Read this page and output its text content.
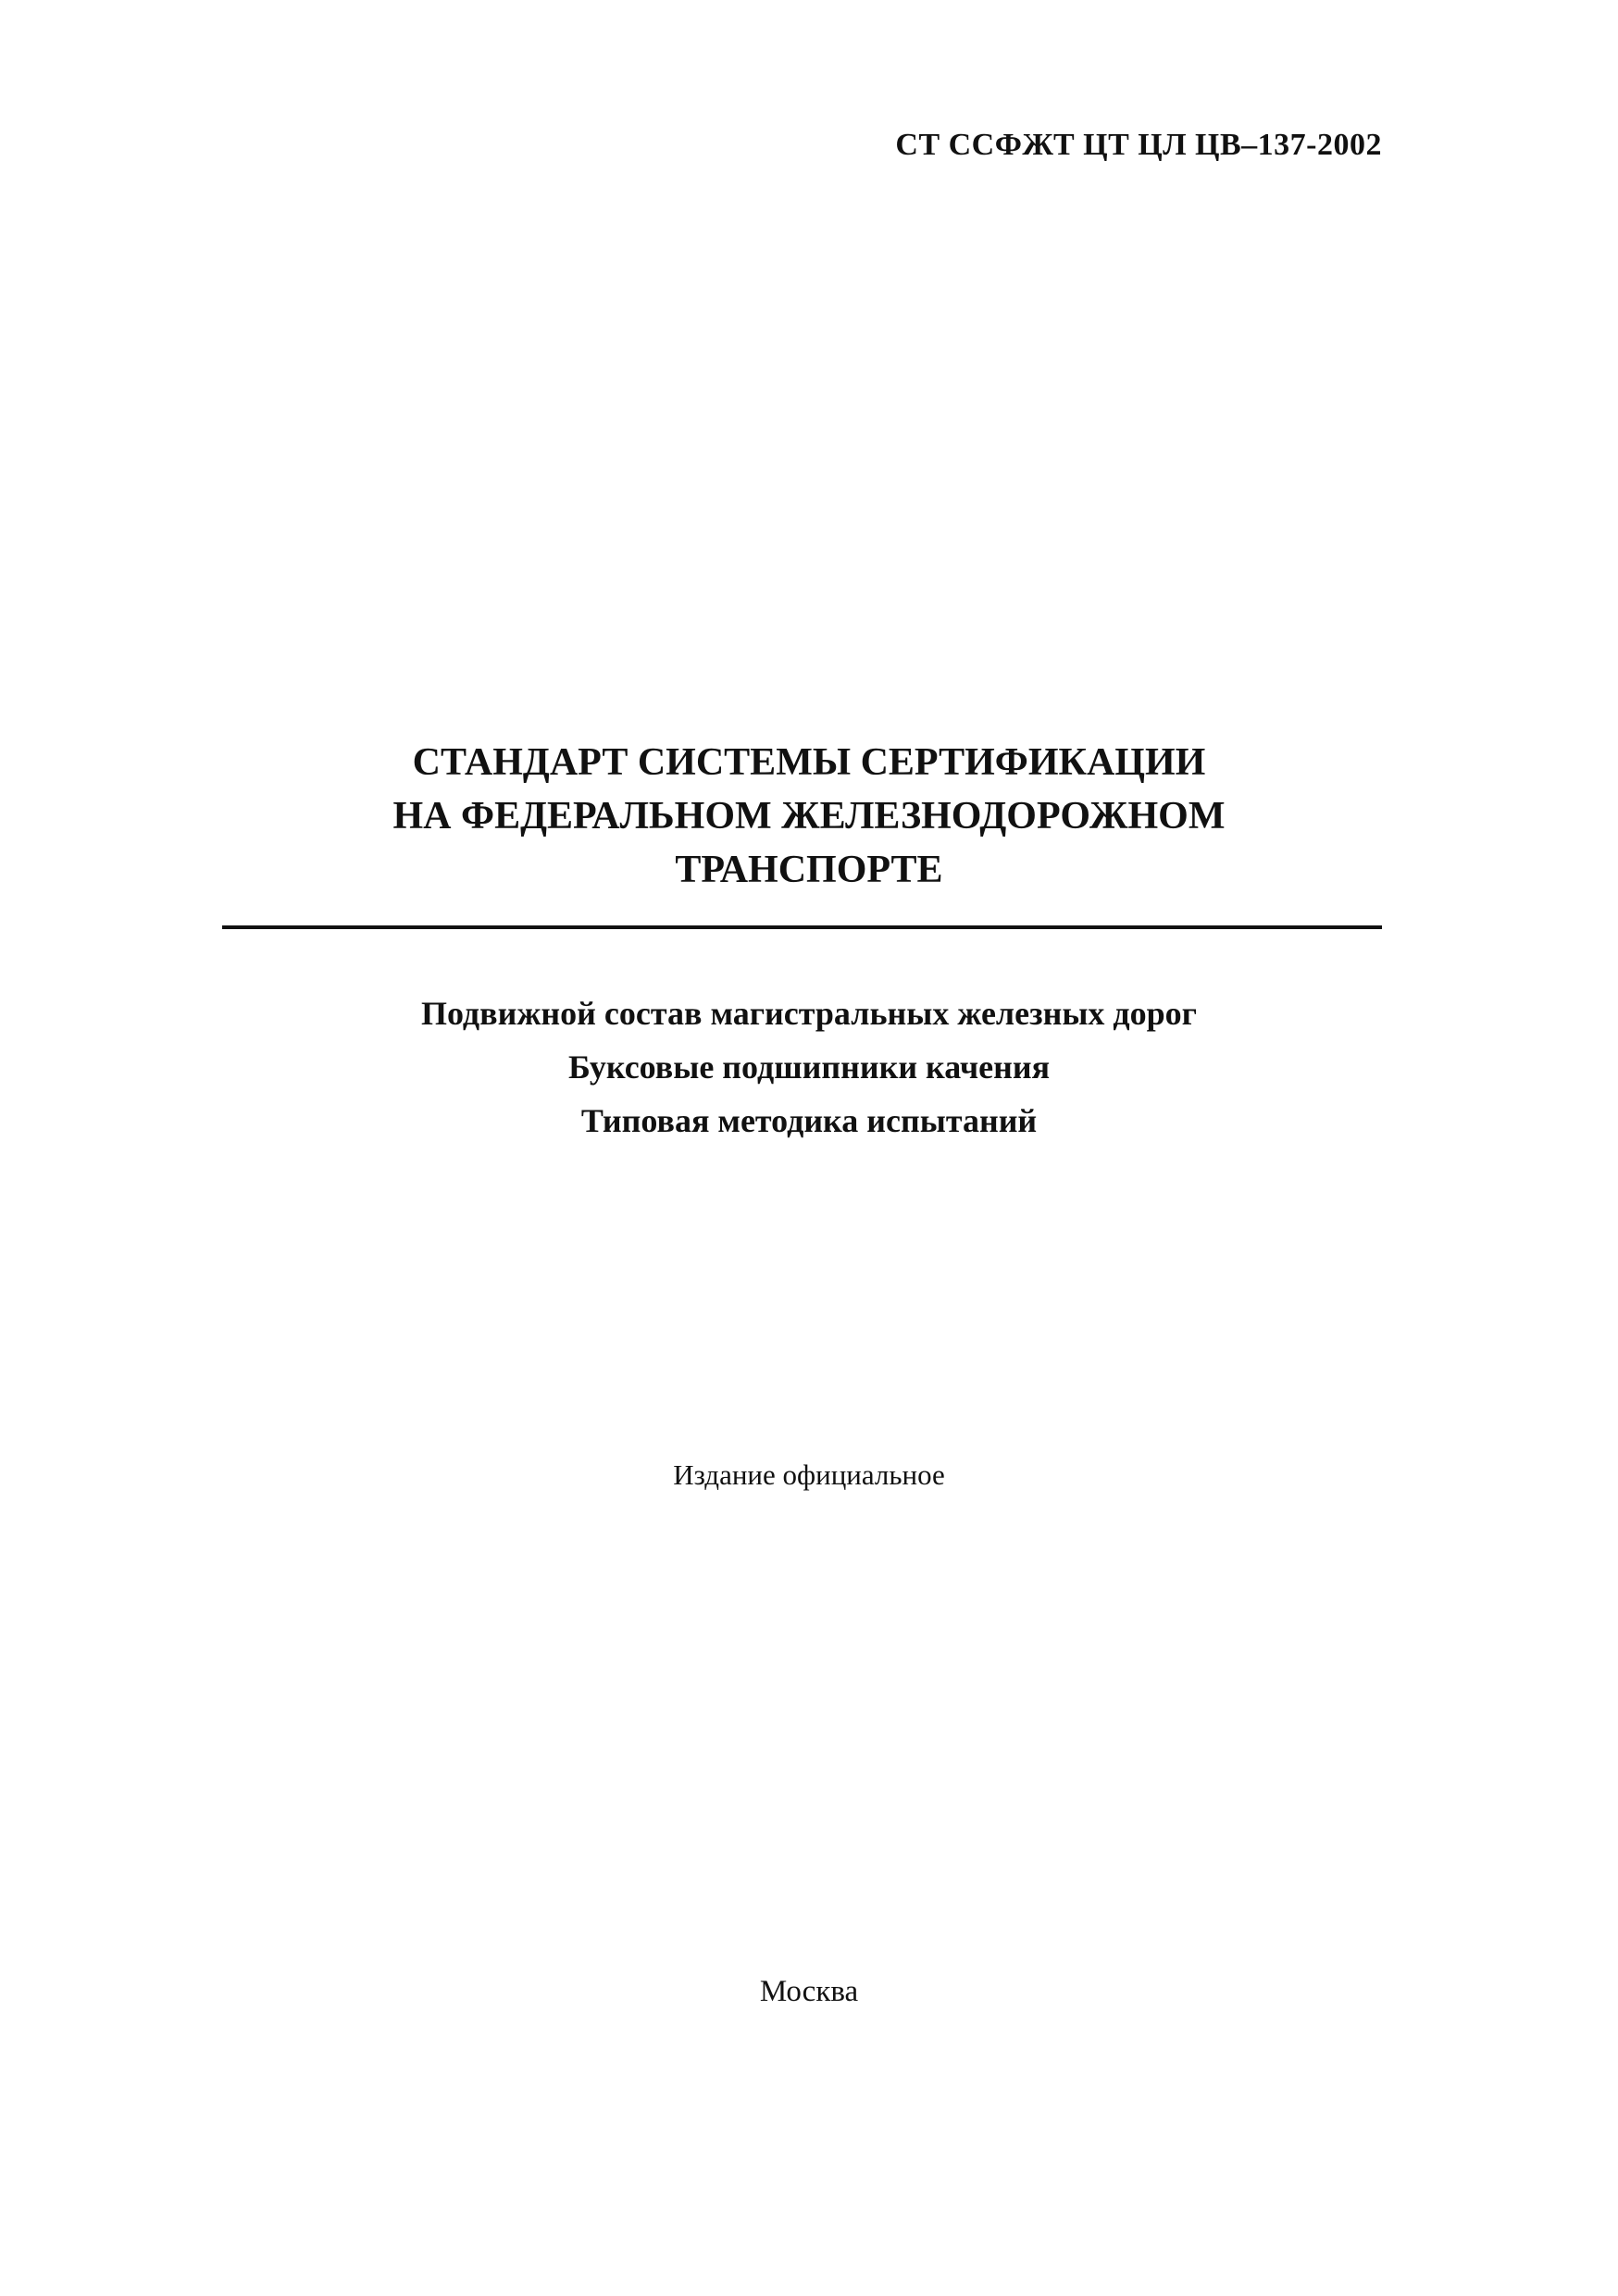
СТ ССФЖТ ЦТ ЦЛ ЦВ–137-2002
СТАНДАРТ СИСТЕМЫ СЕРТИФИКАЦИИ
НА ФЕДЕРАЛЬНОМ ЖЕЛЕЗНОДОРОЖНОМ
ТРАНСПОРТЕ
Подвижной состав магистральных железных дорог
Буксовые подшипники качения
Типовая методика испытаний
Издание официальное
Москва
